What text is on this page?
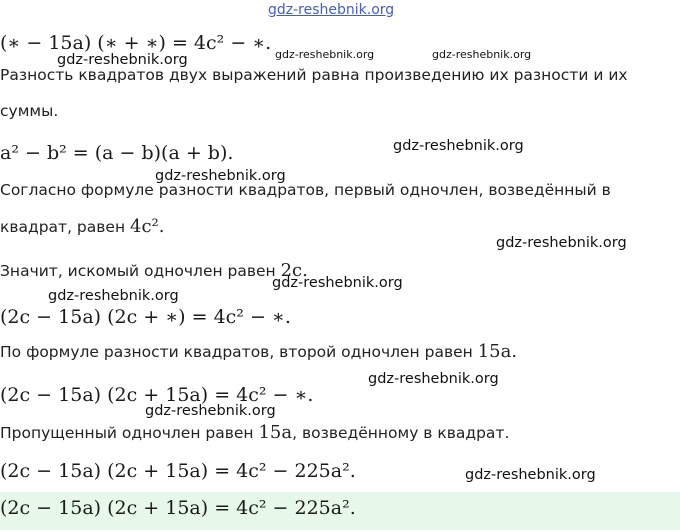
gdz-reshebnik.org
(∗ − 15a) (∗ + ∗) = 4c² − ∗.
gdz-reshebnik.org	gdz-reshebnik.org
gdz-reshebnik.org
Разность квадратов двух выражений равна произведению их разности и их
суммы.
a² − b² = (a − b)(a + b).	gdz-reshebnik.org
gdz-reshebnik.org
Согласно формуле разности квадратов, первый одночлен, возведённый в
квадрат, равен 4c².
gdz-reshebnik.org
Значит, искомый одночлен равен 2c.
gdz-reshebnik.org
gdz-reshebnik.org
(2c − 15a) (2c + ∗) = 4c² − ∗.
По формуле разности квадратов, второй одночлен равен 15a.
gdz-reshebnik.org
(2c − 15a) (2c + 15a) = 4c² − ∗.
gdz-reshebnik.org
Пропущенный одночлен равен 15a, возведённому в квадрат.
(2c − 15a) (2c + 15a) = 4c² − 225a².	gdz-reshebnik.org
(2c − 15a) (2c + 15a) = 4c² − 225a².
